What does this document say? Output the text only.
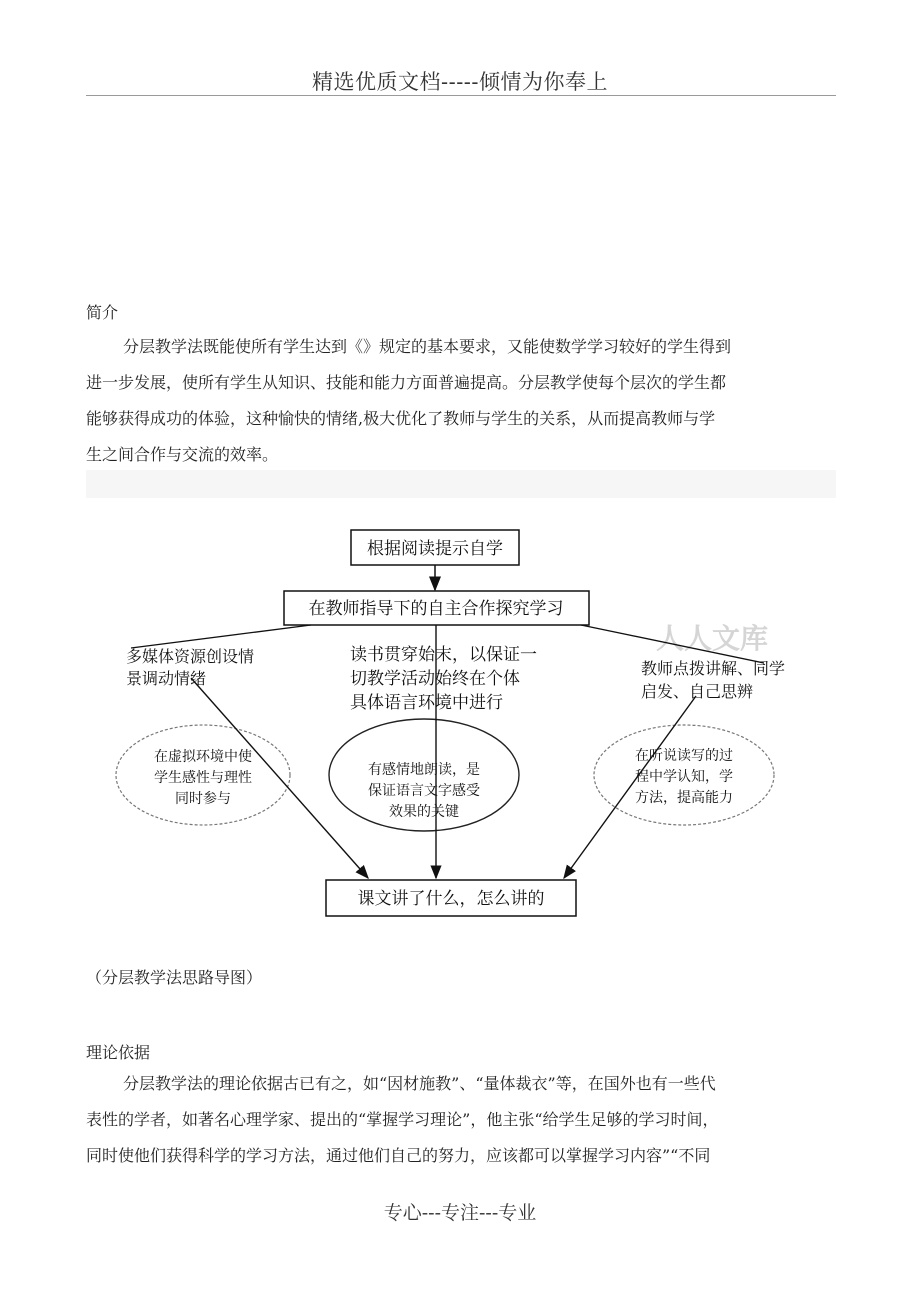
精选优质文档-----倾情为你奉上
简介
分层教学法既能使所有学生达到《》规定的基本要求，又能使数学学习较好的学生得到
进一步发展，使所有学生从知识、技能和能力方面普遍提高。分层教学使每个层次的学生都
能够获得成功的体验，这种愉快的情绪,极大优化了教师与学生的关系，从而提高教师与学
生之间合作与交流的效率。
人人文库
根据阅读提示自学
在教师指导下的自主合作探究学习
多媒体资源创设情
景调动情绪
读书贯穿始末，以保证一
切教学活动始终在个体
具体语言环境中进行
教师点拨讲解、同学
启发、自己思辨
在虚拟环境中使
学生感性与理性
同时参与
有感情地朗读，是
保证语言文字感受
效果的关键
在听说读写的过
程中学认知，学
方法，提高能力
课文讲了什么，怎么讲的
（分层教学法思路导图）
理论依据
分层教学法的理论依据古已有之，如“因材施教”、“量体裁衣”等，在国外也有一些代
表性的学者，如著名心理学家、提出的“掌握学习理论”，他主张“给学生足够的学习时间，
同时使他们获得科学的学习方法，通过他们自己的努力，应该都可以掌握学习内容”“不同
专心---专注---专业
